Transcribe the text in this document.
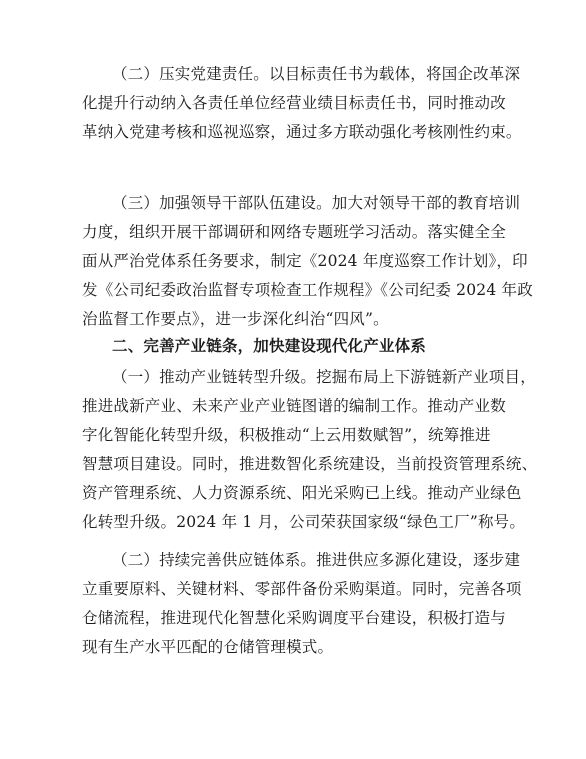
（二）压实党建责任。以目标责任书为载体，将国企改革深
化提升行动纳入各责任单位经营业绩目标责任书，同时推动改
革纳入党建考核和巡视巡察，通过多方联动强化考核刚性约束。
（三）加强领导干部队伍建设。加大对领导干部的教育培训
力度，组织开展干部调研和网络专题班学习活动。落实健全全
面从严治党体系任务要求，制定《2024 年度巡察工作计划》，印
发《公司纪委政治监督专项检查工作规程》《公司纪委 2024 年政
治监督工作要点》，进一步深化纠治“四风”。
二、完善产业链条，加快建设现代化产业体系
（一）推动产业链转型升级。挖掘布局上下游链新产业项目，
推进战新产业、未来产业产业链图谱的编制工作。推动产业数
字化智能化转型升级，积极推动“上云用数赋智”，统筹推进
智慧项目建设。同时，推进数智化系统建设，当前投资管理系统、
资产管理系统、人力资源系统、阳光采购已上线。推动产业绿色
化转型升级。2024 年 1 月，公司荣获国家级“绿色工厂”称号。
（二）持续完善供应链体系。推进供应多源化建设，逐步建
立重要原料、关键材料、零部件备份采购渠道。同时，完善各项
仓储流程，推进现代化智慧化采购调度平台建设，积极打造与
现有生产水平匹配的仓储管理模式。
